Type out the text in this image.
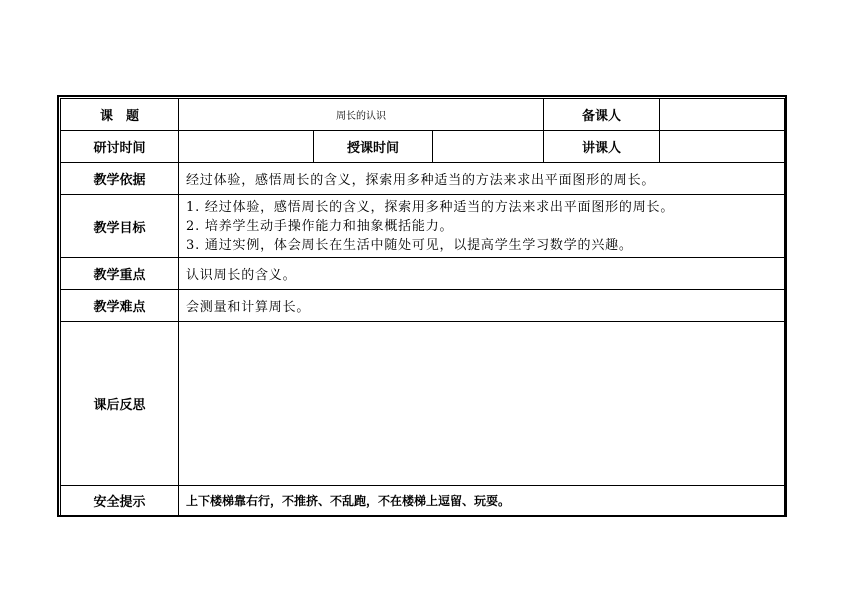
课　题	周长的认识			备课人	
研讨时间		授课时间		讲课人	
教学依据	经过体验，感悟周长的含义，探索用多种适当的方法来求出平面图形的周长。				
教学目标	1. 经过体验，感悟周长的含义，探索用多种适当的方法来求出平面图形的周长。
2. 培养学生动手操作能力和抽象概括能力。
3. 通过实例，体会周长在生活中随处可见，以提高学生学习数学的兴趣。				

教学重点	认识周长的含义。				
教学难点	会测量和计算周长。				
课后反思					
安全提示	上下楼梯靠右行，不推挤、不乱跑，不在楼梯上逗留、玩耍。				
